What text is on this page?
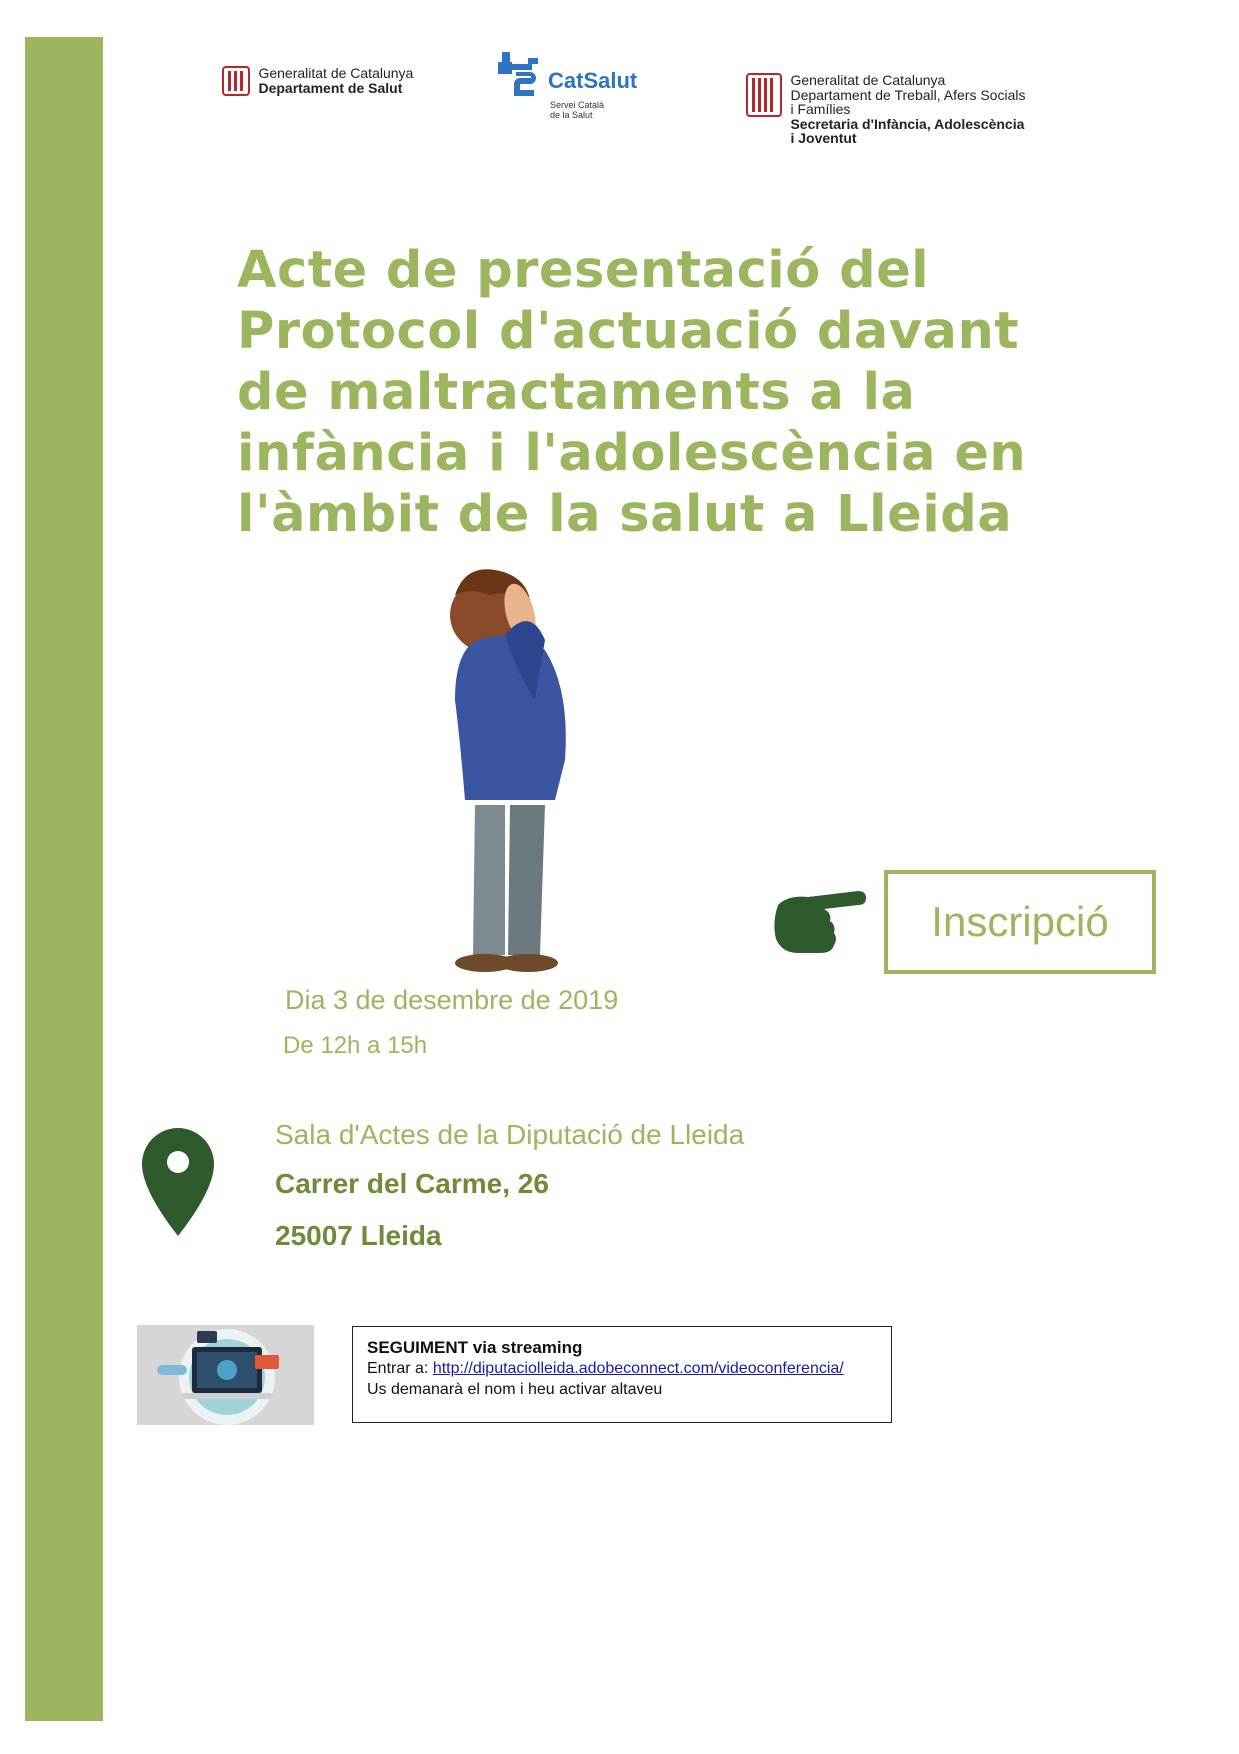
Generalitat de Catalunya
Departament de Salut	CatSalut
Servei Català
de la Salut
Generalitat de Catalunya
Departament de Treball, Afers Socials
i Famílies
Secretaria d'Infància, Adolescència
i Joventut
Acte de presentació del
Protocol d'actuació davant
de maltractaments a la
infància i l'adolescència en
l'àmbit de la salut a Lleida
Inscripció
Dia 3 de desembre de 2019
De 12h a 15h
Sala d'Actes de la Diputació de Lleida
Carrer del Carme, 26
25007 Lleida
SEGUIMENT via streaming
Entrar a: http://diputaciolleida.adobeconnect.com/videoconferencia/
Us demanarà el nom i heu activar altaveu
